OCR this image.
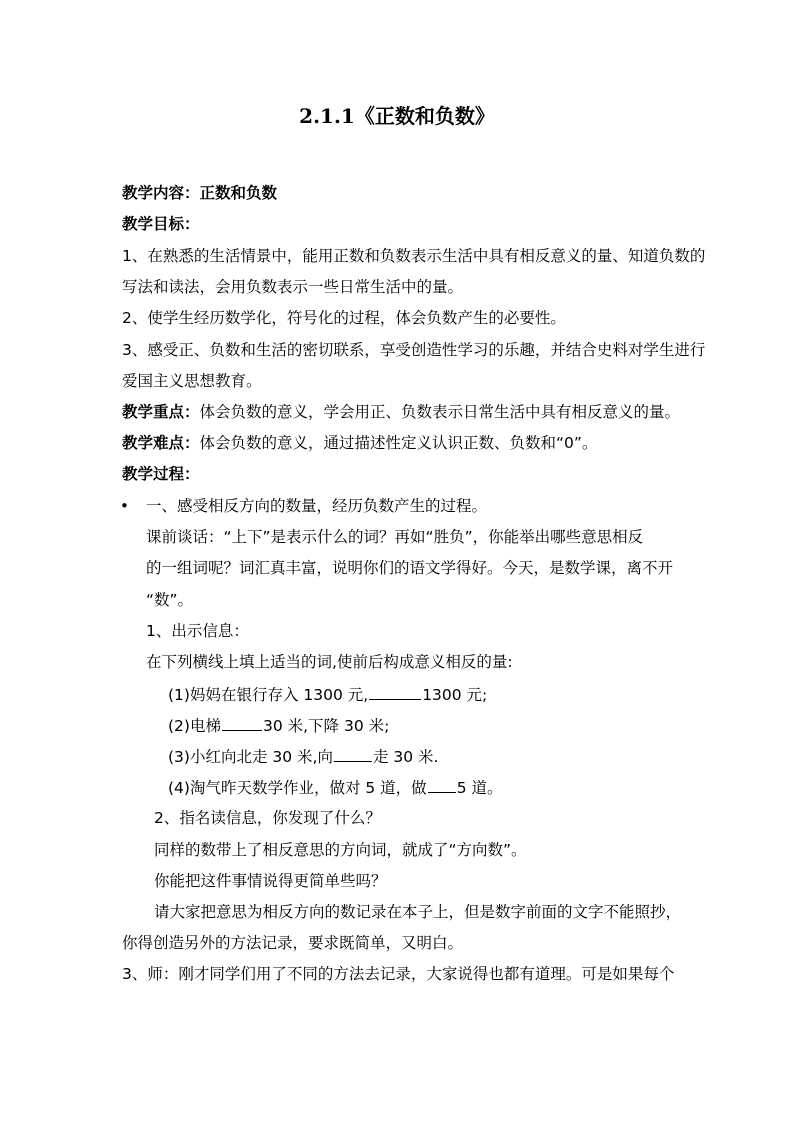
2.1.1《正数和负数》
教学内容：正数和负数
教学目标：
1、在熟悉的生活情景中，能用正数和负数表示生活中具有相反意义的量、知道负数的
写法和读法，会用负数表示一些日常生活中的量。
2、使学生经历数学化，符号化的过程，体会负数产生的必要性。
3、感受正、负数和生活的密切联系，享受创造性学习的乐趣，并结合史料对学生进行
爱国主义思想教育。
教学重点：体会负数的意义，学会用正、负数表示日常生活中具有相反意义的量。
教学难点：体会负数的意义，通过描述性定义认识正数、负数和“0”。
教学过程：
• 一、感受相反方向的数量，经历负数产生的过程。
课前谈话：“上下”是表示什么的词？再如“胜负”，你能举出哪些意思相反
的一组词呢？词汇真丰富，说明你们的语文学得好。今天，是数学课，离不开
“数”。
1、出示信息：
在下列横线上填上适当的词,使前后构成意义相反的量:
(1)妈妈在银行存入 1300 元,	1300 元;
(2)电梯	30 米,下降 30 米;
(3)小红向北走 30 米,向	走 30 米.
(4)淘气昨天数学作业，做对 5 道，做 5 道。
2、指名读信息，你发现了什么？
同样的数带上了相反意思的方向词，就成了“方向数”。
你能把这件事情说得更简单些吗？
请大家把意思为相反方向的数记录在本子上，但是数字前面的文字不能照抄，
你得创造另外的方法记录，要求既简单，又明白。
3、师：刚才同学们用了不同的方法去记录，大家说得也都有道理。可是如果每个
